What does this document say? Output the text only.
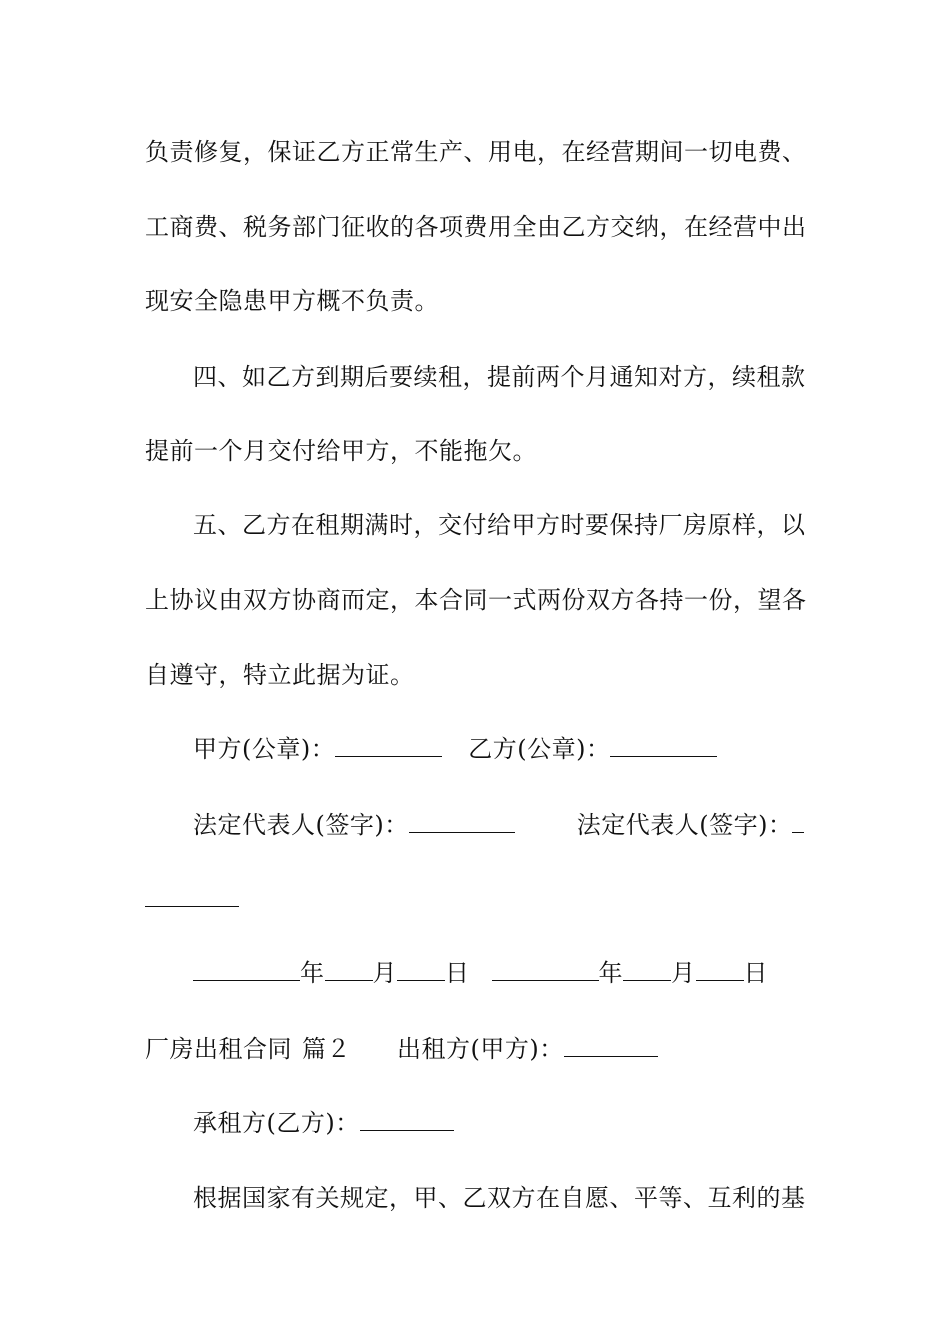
负责修复，保证乙方正常生产、用电，在经营期间一切电费、
工商费、税务部门征收的各项费用全由乙方交纳，在经营中出
现安全隐患甲方概不负责。
四、如乙方到期后要续租，提前两个月通知对方，续租款
提前一个月交付给甲方，不能拖欠。
五、乙方在租期满时，交付给甲方时要保持厂房原样，以
上协议由双方协商而定，本合同一式两份双方各持一份，望各
自遵守，特立此据为证。
甲方(公章)：	乙方(公章)：
法定代表人(签字)：	法定代表人(签字)：
年 月 日	年 月 日
厂房出租合同 篇２ 出租方(甲方)：
承租方(乙方)：
根据国家有关规定，甲、乙双方在自愿、平等、互利的基
